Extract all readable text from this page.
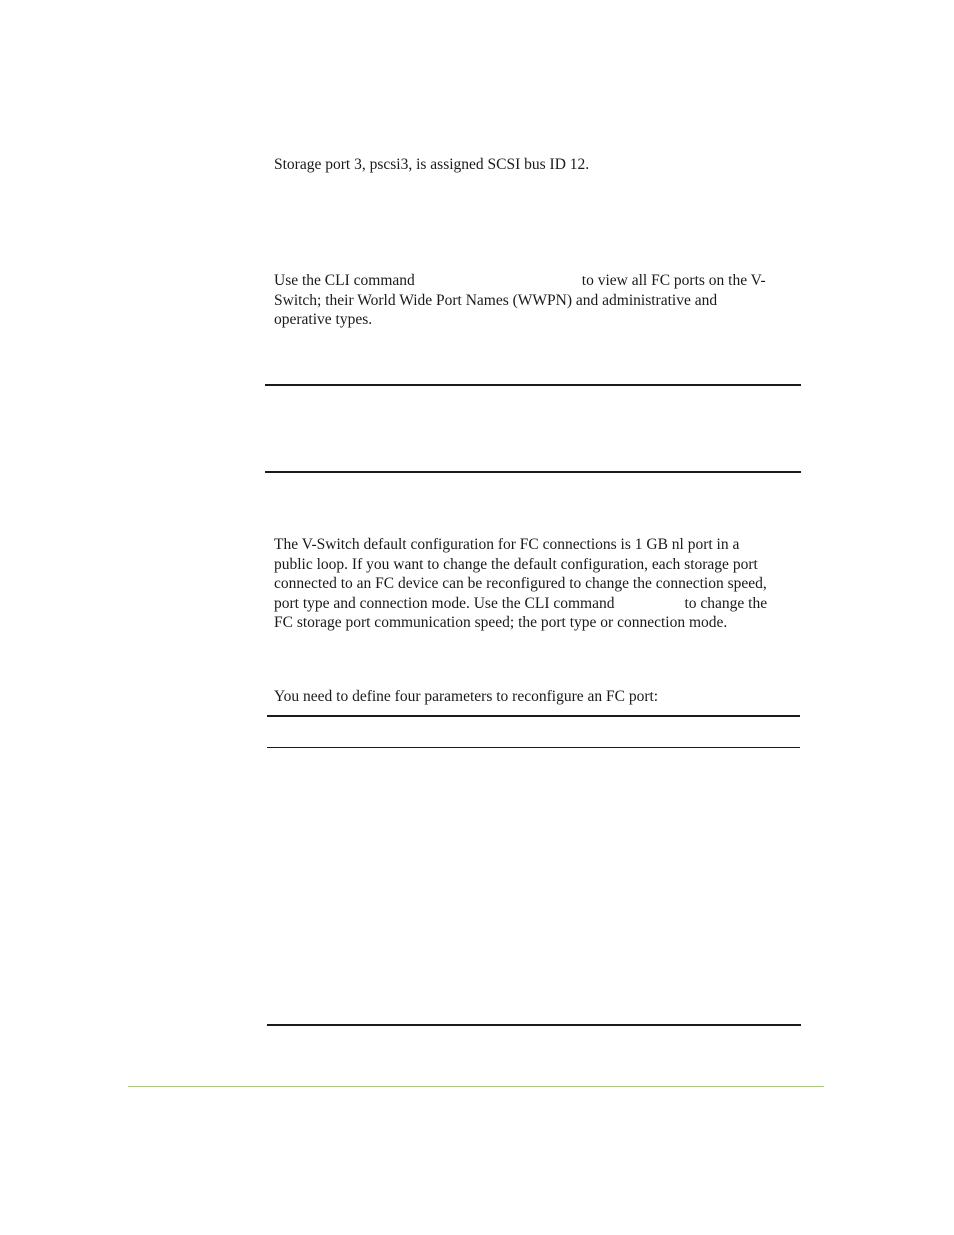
Storage port 3, pscsi3, is assigned SCSI bus ID 12.

Use the CLI command	to view all FC ports on the V-
Switch; their World Wide Port Names (WWPN) and administrative and
operative types.
The V-Switch default configuration for FC connections is 1 GB nl port in a
public loop. If you want to change the default configuration, each storage port
connected to an FC device can be reconfigured to change the connection speed,
port type and connection mode. Use the CLI command	to change the
FC storage port communication speed; the port type or connection mode.

You need to define four parameters to reconfigure an FC port:
